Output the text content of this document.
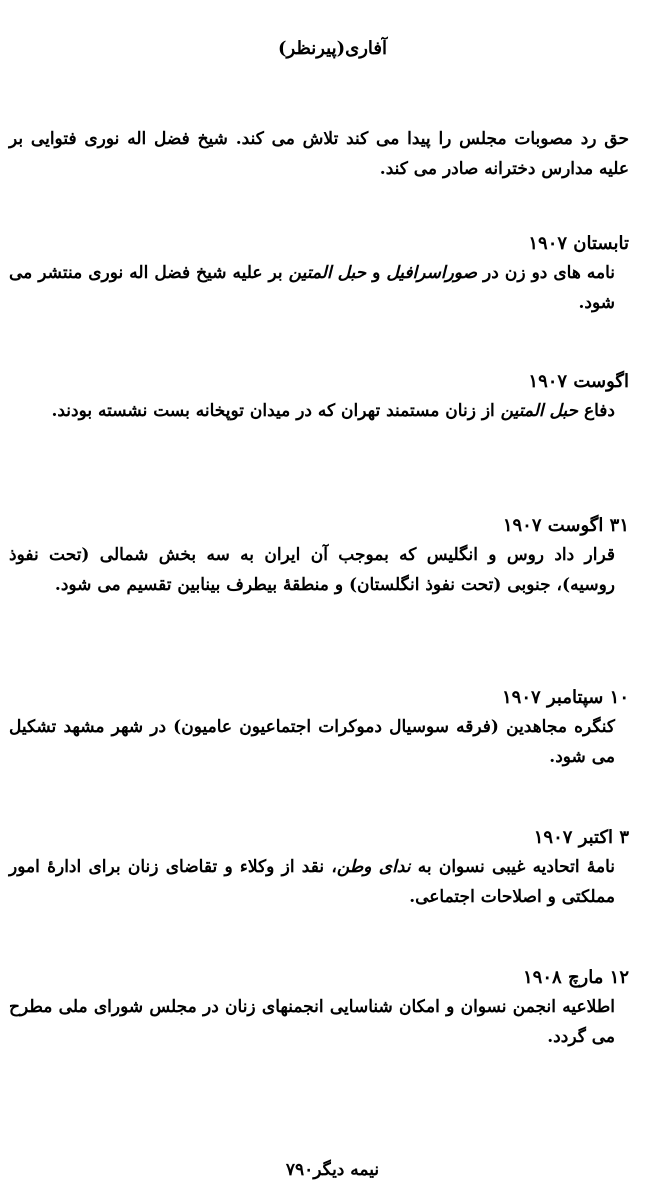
آفاری(پیرنظر)
حق رد مصوبات مجلس را پیدا می کند تلاش می کند. شیخ فضل اله نوری فتوایی بر علیه مدارس دخترانه صادر می کند.
تابستان ۱۹۰۷
نامه های دو زن در صوراسرافیل و حبل المتین بر علیه شیخ فضل اله نوری منتشر می شود.
اگوست ۱۹۰۷
دفاع حبل المتین از زنان مستمند تهران که در میدان توپخانه بست نشسته بودند.
۳۱ اگوست ۱۹۰۷
قرار داد روس و انگلیس که بموجب آن ایران به سه بخش شمالی (تحت نفوذ روسیه)، جنوبی (تحت نفوذ انگلستان) و منطقهٔ بیطرف بینابین تقسیم می شود.
۱۰ سپتامبر ۱۹۰۷
کنگره مجاهدین (فرقه سوسیال دموکرات اجتماعیون عامیون) در شهر مشهد تشکیل می شود.
۳ اکتبر ۱۹۰۷
نامهٔ اتحادیه غیبی نسوان به ندای وطن، نقد از وکلاء و تقاضای زنان برای ادارهٔ امور مملکتی و اصلاحات اجتماعی.
۱۲ مارچ ۱۹۰۸
اطلاعیه انجمن نسوان و امکان شناسایی انجمنهای زنان در مجلس شورای ملی مطرح می گردد.
نیمه دیگر۷۹۰
